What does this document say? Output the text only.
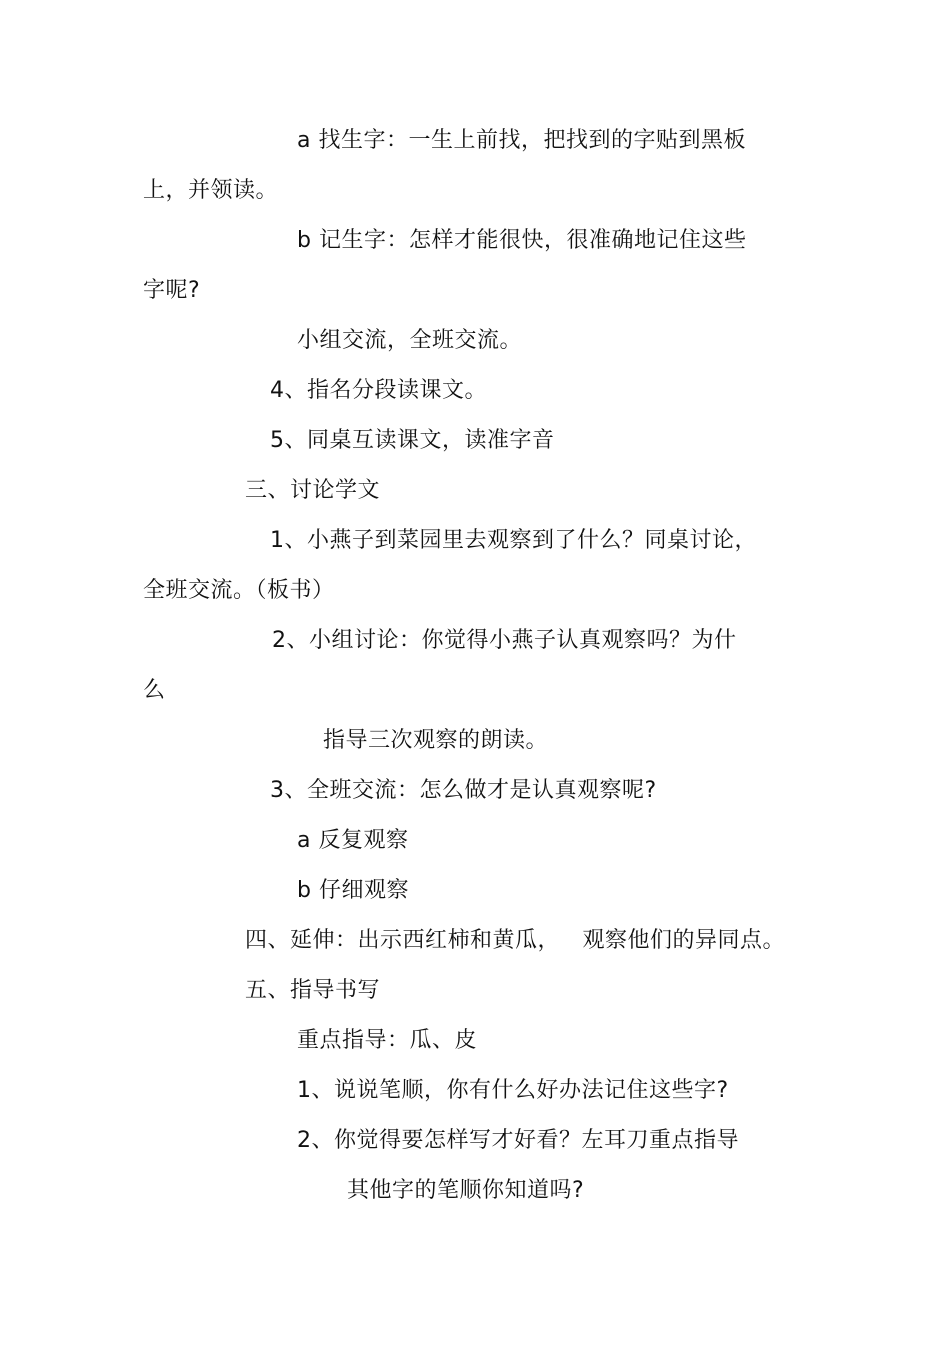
a 找生字：一生上前找，把找到的字贴到黑板
上，并领读。
b 记生字：怎样才能很快，很准确地记住这些
字呢?
小组交流，全班交流。
4、指名分段读课文。
5、同桌互读课文，读准字音
三、讨论学文
1、小燕子到菜园里去观察到了什么？同桌讨论，
全班交流。（板书）
2、小组讨论：你觉得小燕子认真观察吗？为什
么
指导三次观察的朗读。
3、全班交流：怎么做才是认真观察呢?
a 反复观察
b 仔细观察
四、延伸：出示西红柿和黄瓜，   观察他们的异同点。
五、指导书写
重点指导：瓜、皮
1、说说笔顺，你有什么好办法记住这些字?
2、你觉得要怎样写才好看？左耳刀重点指导
其他字的笔顺你知道吗?
